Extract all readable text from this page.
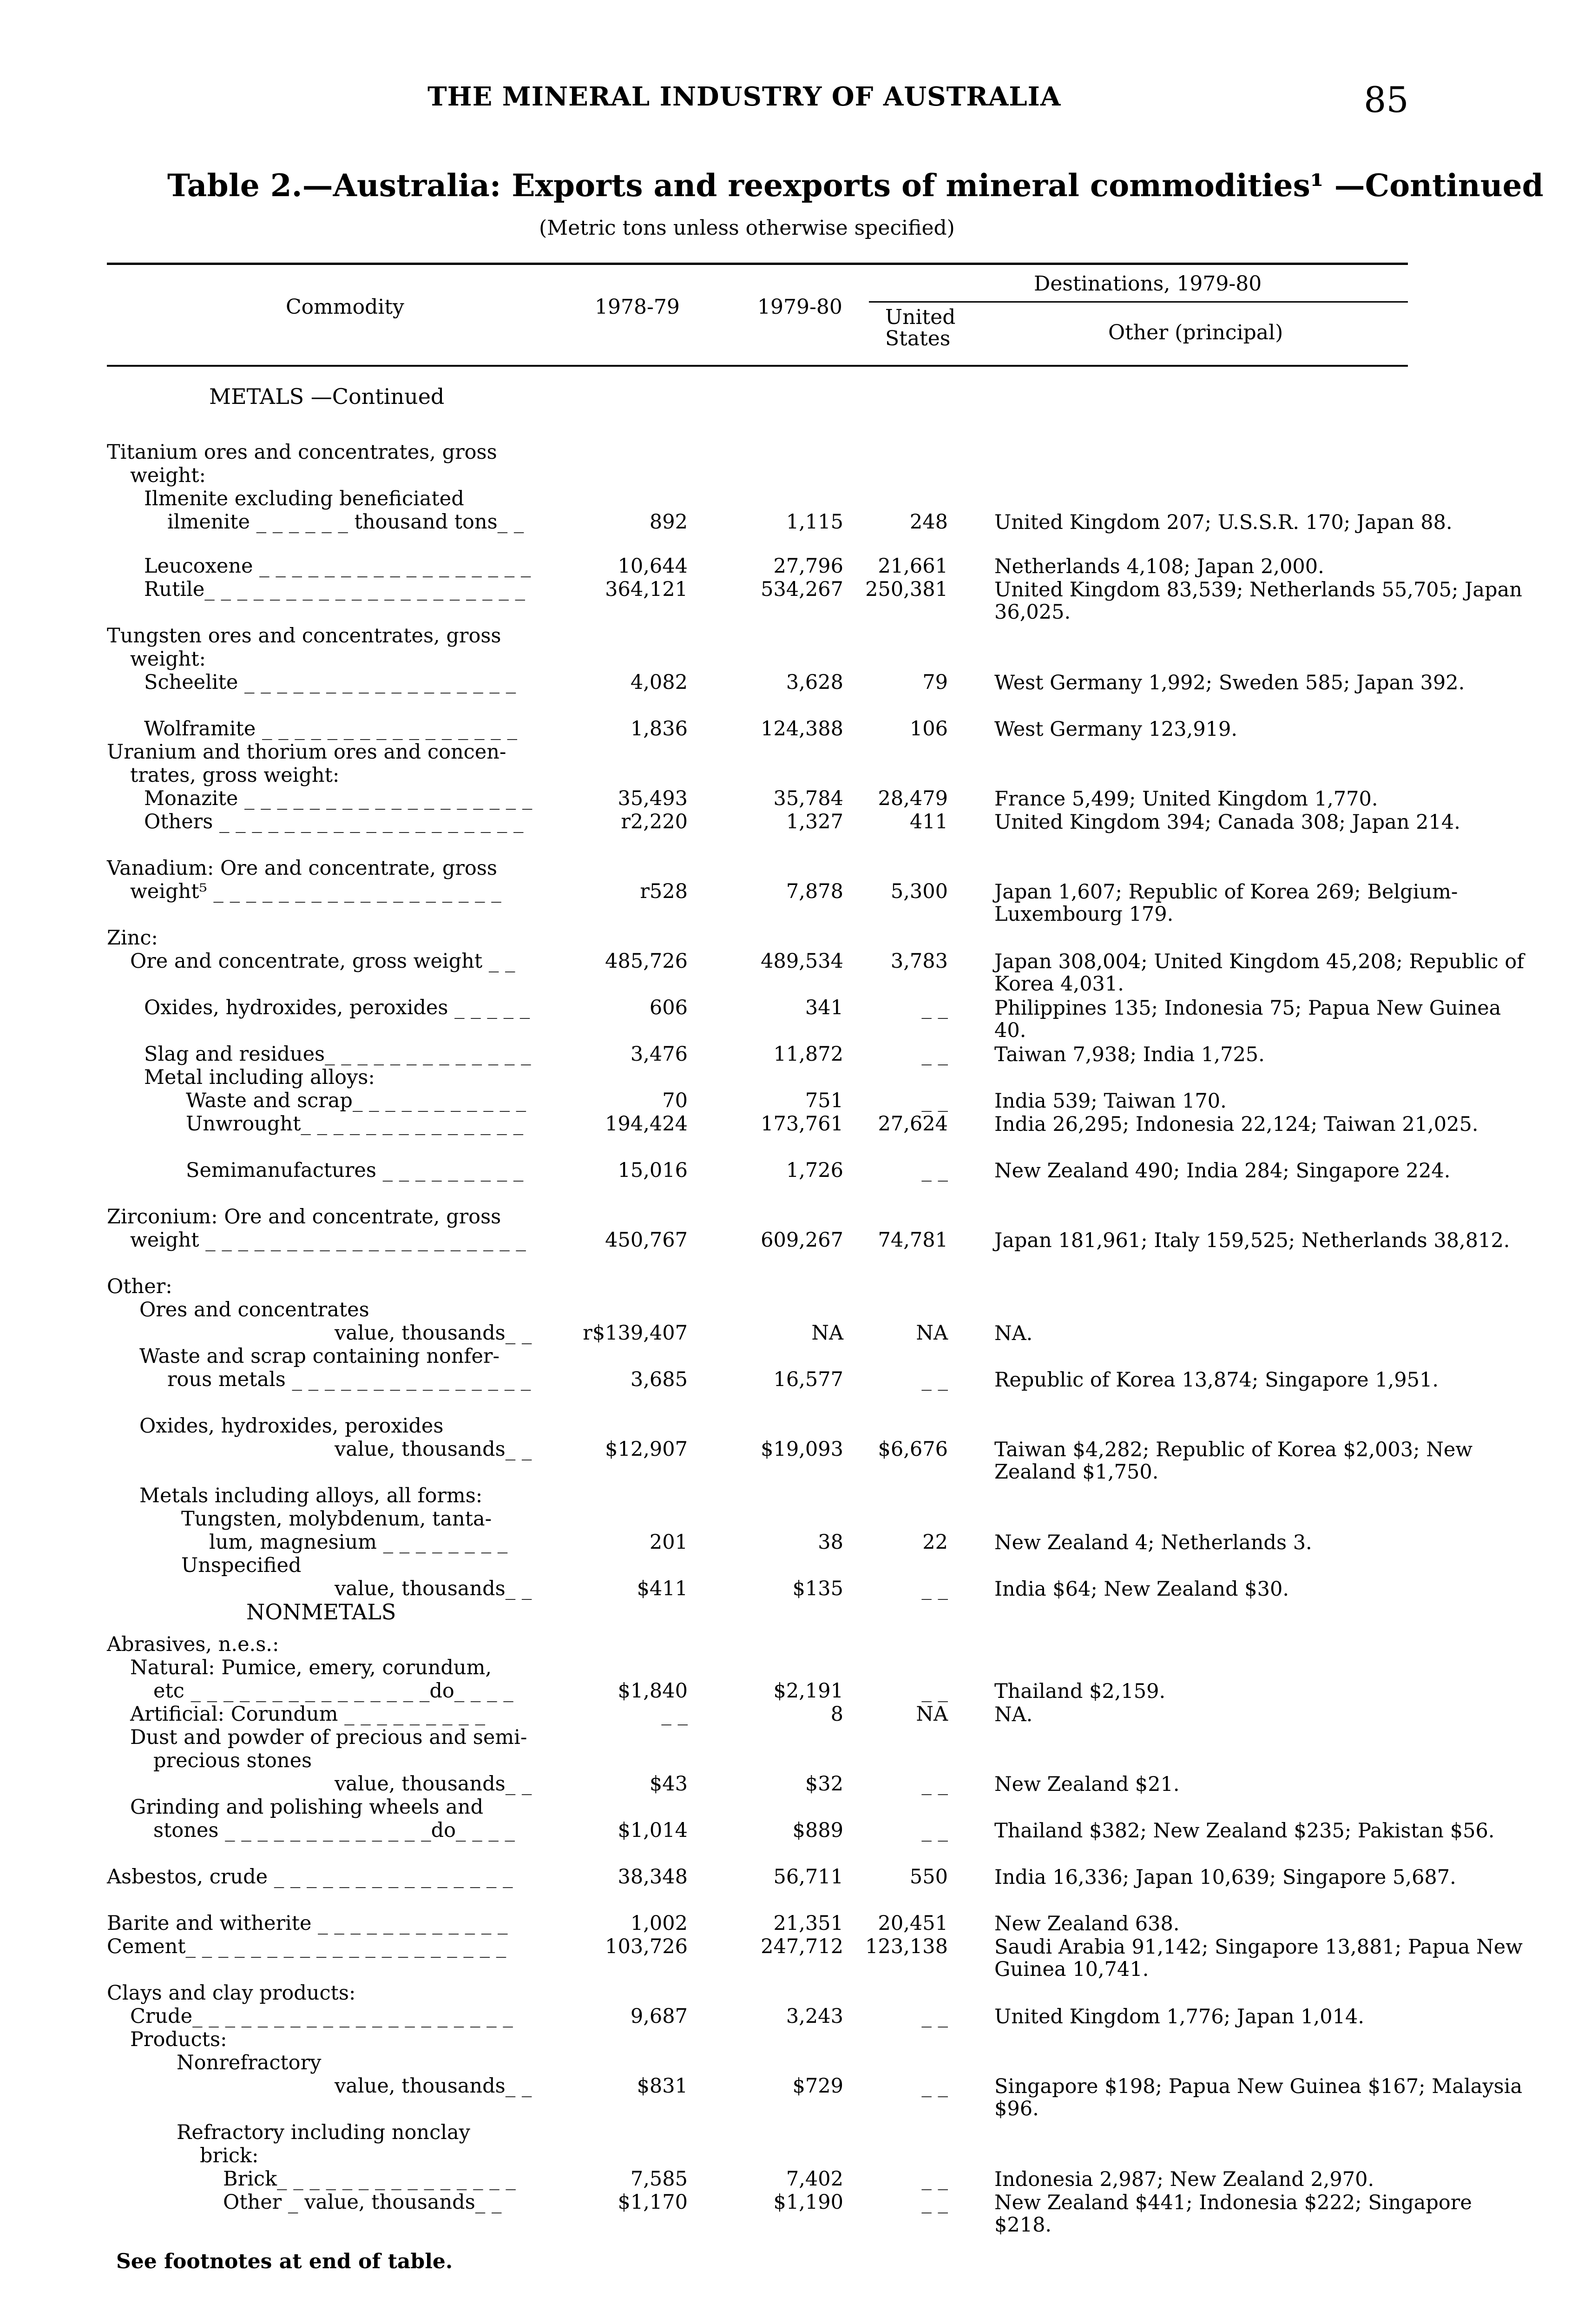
THE MINERAL INDUSTRY OF AUSTRALIA	85
Table 2.—Australia: Exports and reexports of mineral commodities¹ —Continued
(Metric tons unless otherwise specified)
Commodity	1978-79	1979-80
Destinations, 1979-80
United States	Other (principal)
METALS —Continued
Titanium ores and concentrates, gross
weight:
Ilmenite excluding beneficiated
ilmenite _ _ _ _ _ _ thousand tons_ _	892	1,115	248 United Kingdom 207; U.S.S.R. 170; Japan 88.
Leucoxene _ _ _ _ _ _ _ _ _ _ _ _ _ _ _ _ _	10,644	27,796	21,661 Netherlands 4,108; Japan 2,000.
Rutile_ _ _ _ _ _ _ _ _ _ _ _ _ _ _ _ _ _ _ _	364,121	534,267	250,381 United Kingdom 83,539; Netherlands 55,705; Japan 36,025.
Tungsten ores and concentrates, gross
weight:
Scheelite _ _ _ _ _ _ _ _ _ _ _ _ _ _ _ _ _	4,082	3,628	79 West Germany 1,992; Sweden 585; Japan 392.
Wolframite _ _ _ _ _ _ _ _ _ _ _ _ _ _ _ _	1,836	124,388	106 West Germany 123,919.
Uranium and thorium ores and concen-
trates, gross weight:
Monazite _ _ _ _ _ _ _ _ _ _ _ _ _ _ _ _ _ _	35,493	35,784	28,479 France 5,499; United Kingdom 1,770.
Others _ _ _ _ _ _ _ _ _ _ _ _ _ _ _ _ _ _ _	r2,220	1,327	411 United Kingdom 394; Canada 308; Japan 214.
Vanadium: Ore and concentrate, gross
weight⁵ _ _ _ _ _ _ _ _ _ _ _ _ _ _ _ _ _ _	r528	7,878	5,300 Japan 1,607; Republic of Korea 269; Belgium-Luxembourg 179.
Zinc:
Ore and concentrate, gross weight _ _	485,726	489,534	3,783 Japan 308,004; United Kingdom 45,208; Republic of Korea 4,031.
Oxides, hydroxides, peroxides _ _ _ _ _	606	341	_ _ Philippines 135; Indonesia 75; Papua New Guinea 40.
Slag and residues_ _ _ _ _ _ _ _ _ _ _ _ _	3,476	11,872	_ _ Taiwan 7,938; India 1,725.
Metal including alloys:
Waste and scrap_ _ _ _ _ _ _ _ _ _ _	70	751	_ _ India 539; Taiwan 170.
Unwrought_ _ _ _ _ _ _ _ _ _ _ _ _ _	194,424	173,761	27,624 India 26,295; Indonesia 22,124; Taiwan 21,025.
Semimanufactures _ _ _ _ _ _ _ _ _	15,016	1,726	_ _ New Zealand 490; India 284; Singapore 224.
Zirconium: Ore and concentrate, gross
weight _ _ _ _ _ _ _ _ _ _ _ _ _ _ _ _ _ _ _ _	450,767	609,267	74,781 Japan 181,961; Italy 159,525; Netherlands 38,812.
Other:
Ores and concentrates
value, thousands_ _	r$139,407	NA	NA NA.
Waste and scrap containing nonfer-
rous metals _ _ _ _ _ _ _ _ _ _ _ _ _ _ _	3,685	16,577	_ _ Republic of Korea 13,874; Singapore 1,951.
Oxides, hydroxides, peroxides
value, thousands_ _	$12,907	$19,093	$6,676 Taiwan $4,282; Republic of Korea $2,003; New Zealand $1,750.
Metals including alloys, all forms:
Tungsten, molybdenum, tanta-
lum, magnesium _ _ _ _ _ _ _ _	201	38	22 New Zealand 4; Netherlands 3.
Unspecified
value, thousands_ _	$411	$135	_ _ India $64; New Zealand $30.
NONMETALS
Abrasives, n.e.s.:
Natural: Pumice, emery, corundum,
etc _ _ _ _ _ _ _ _ _ _ _ _ _ _ _do_ _ _ _	$1,840	$2,191	_ _ Thailand $2,159.
Artificial: Corundum _ _ _ _ _ _ _ _ _	_ _	8	NA NA.
Dust and powder of precious and semi-
precious stones
value, thousands_ _	$43	$32	_ _ New Zealand $21.
Grinding and polishing wheels and
stones _ _ _ _ _ _ _ _ _ _ _ _ _do_ _ _ _	$1,014	$889	_ _ Thailand $382; New Zealand $235; Pakistan $56.
Asbestos, crude _ _ _ _ _ _ _ _ _ _ _ _ _ _ _	38,348	56,711	550 India 16,336; Japan 10,639; Singapore 5,687.
Barite and witherite _ _ _ _ _ _ _ _ _ _ _ _	1,002	21,351	20,451 New Zealand 638.
Cement_ _ _ _ _ _ _ _ _ _ _ _ _ _ _ _ _ _ _ _	103,726	247,712	123,138 Saudi Arabia 91,142; Singapore 13,881; Papua New Guinea 10,741.
Clays and clay products:
Crude_ _ _ _ _ _ _ _ _ _ _ _ _ _ _ _ _ _ _ _	9,687	3,243	_ _ United Kingdom 1,776; Japan 1,014.
Products:
Nonrefractory
value, thousands_ _	$831	$729	_ _ Singapore $198; Papua New Guinea $167; Malaysia $96.
Refractory including nonclay
brick:
Brick_ _ _ _ _ _ _ _ _ _ _ _ _ _ _	7,585	7,402	_ _ Indonesia 2,987; New Zealand 2,970.
Other _ value, thousands_ _	$1,170	$1,190	_ _ New Zealand $441; Indonesia $222; Singapore $218.
See footnotes at end of table.
